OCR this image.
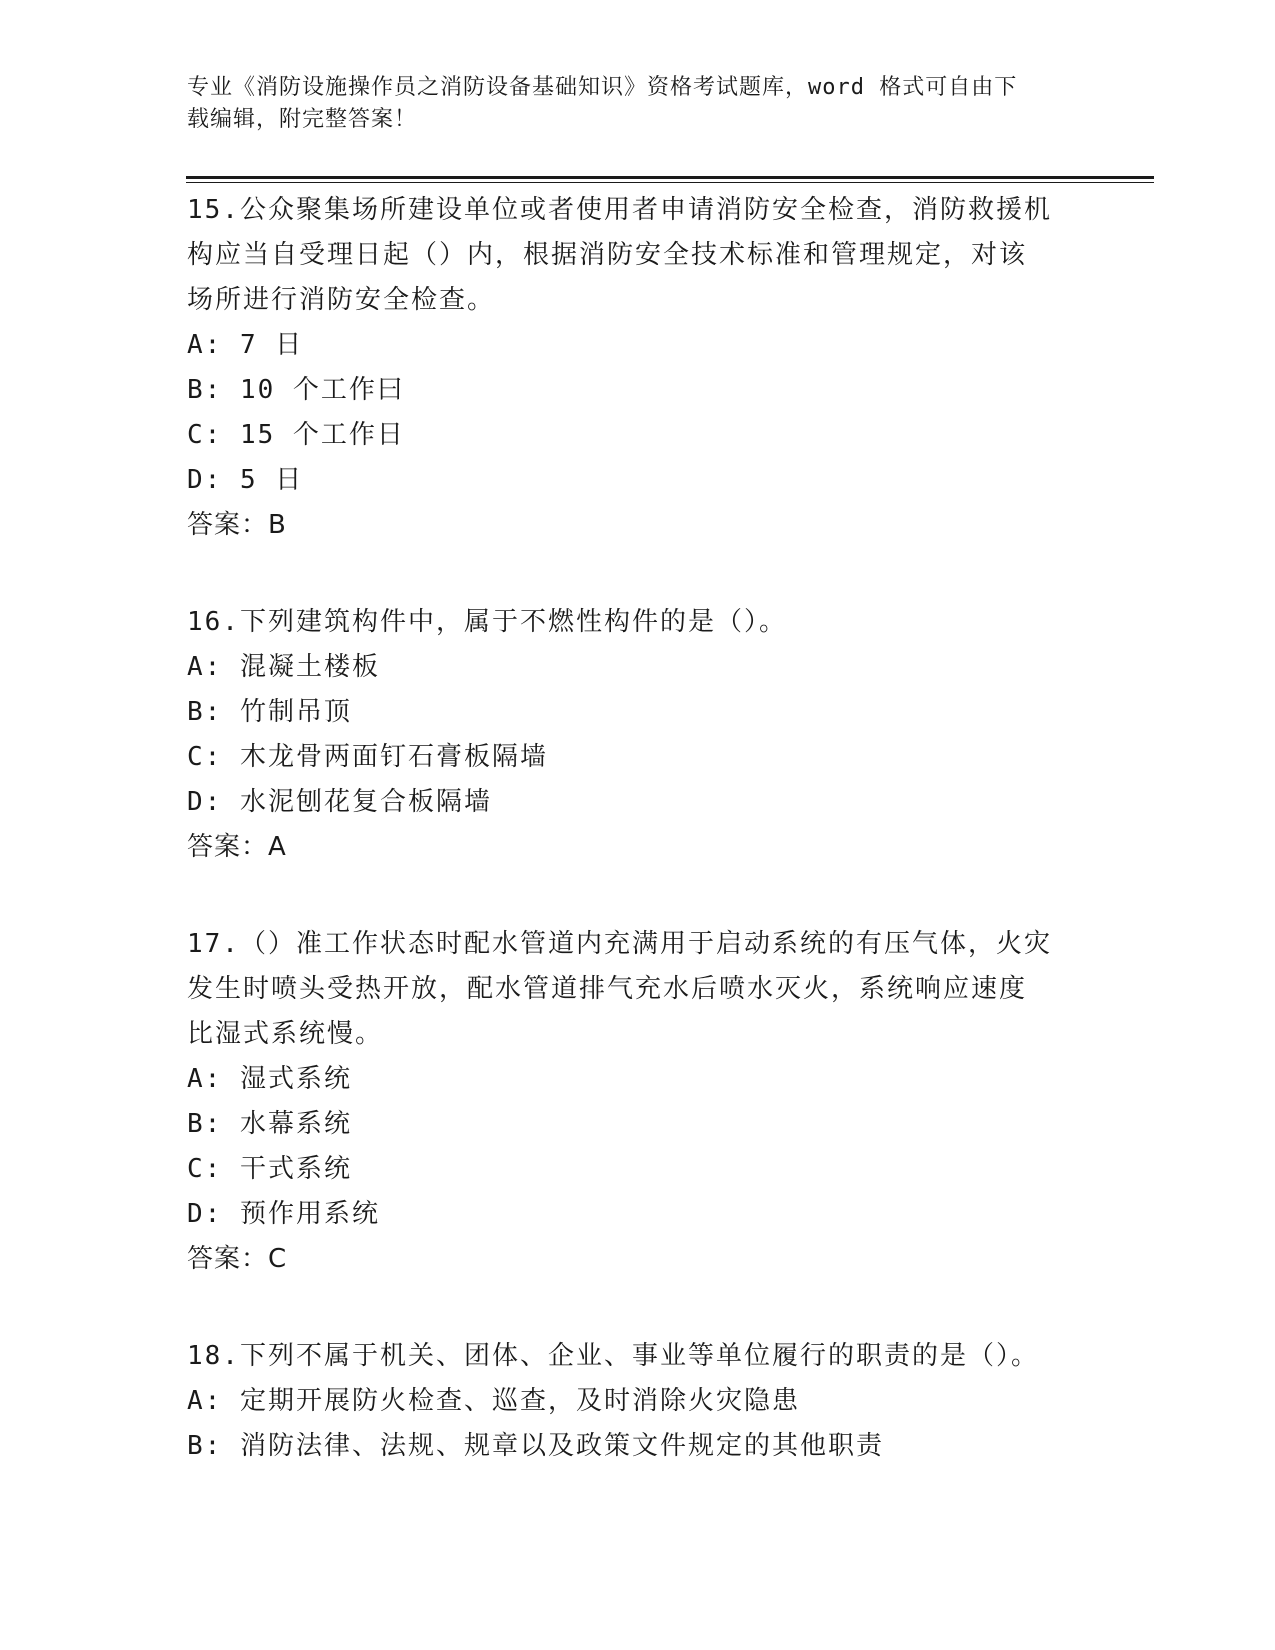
专业《消防设施操作员之消防设备基础知识》资格考试题库，word 格式可自由下
载编辑，附完整答案！
15.公众聚集场所建设单位或者使用者申请消防安全检查，消防救援机
构应当自受理日起（）内，根据消防安全技术标准和管理规定，对该
场所进行消防安全检查。
A: 7 日
B: 10 个工作曰
C: 15 个工作日
D: 5 日
答案：B
16.下列建筑构件中，属于不燃性构件的是（）。
A: 混凝土楼板
B: 竹制吊顶
C: 木龙骨两面钉石膏板隔墙
D: 水泥刨花复合板隔墙
答案：A
17.（）准工作状态时配水管道内充满用于启动系统的有压气体，火灾
发生时喷头受热开放，配水管道排气充水后喷水灭火，系统响应速度
比湿式系统慢。
A: 湿式系统
B: 水幕系统
C: 干式系统
D: 预作用系统
答案：C
18.下列不属于机关、团体、企业、事业等单位履行的职责的是（）。
A: 定期开展防火检查、巡查，及时消除火灾隐患
B: 消防法律、法规、规章以及政策文件规定的其他职责
